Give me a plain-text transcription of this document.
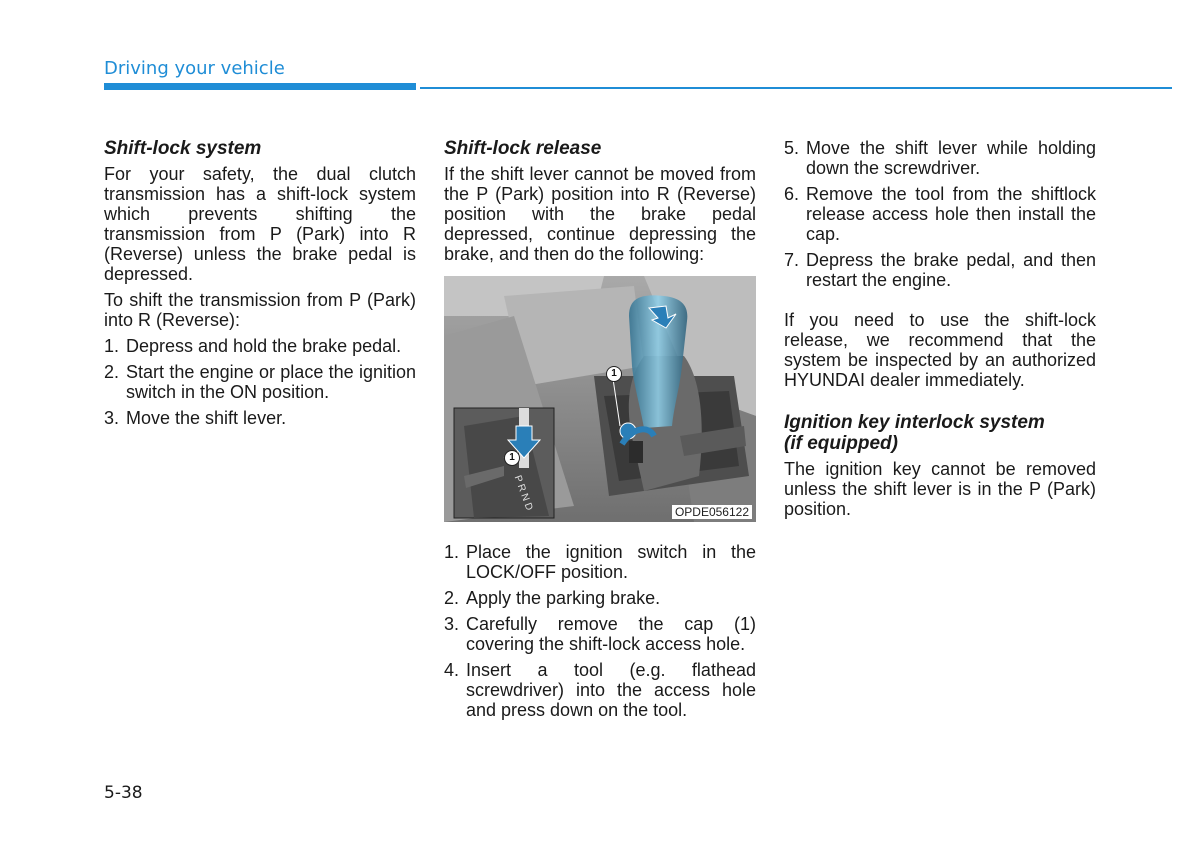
Driving your vehicle
Shift-lock system

For your safety, the dual clutch transmission has a shift-lock system which prevents shifting the transmission from P (Park) into R (Reverse) unless the brake pedal is depressed.

To shift the transmission from P (Park) into R (Reverse):

1. Depress and hold the brake pedal.
2. Start the engine or place the ignition switch in the ON position.
3. Move the shift lever.
Shift-lock release

If the shift lever cannot be moved from the P (Park) position into R (Reverse) position with the brake pedal depressed, continue depressing the brake, and then do the following:

1
1
P R N D	OPDE056122
1. Place the ignition switch in the LOCK/OFF position.
2. Apply the parking brake.
3. Carefully remove the cap (1) covering the shift-lock access hole.
4. Insert a tool (e.g. flathead screwdriver) into the access hole and press down on the tool.
5. Move the shift lever while holding down the screwdriver.
6. Remove the tool from the shiftlock release access hole then install the cap.
7. Depress the brake pedal, and then restart the engine.

If you need to use the shift-lock release, we recommend that the system be inspected by an authorized HYUNDAI dealer immediately.

Ignition key interlock system
(if equipped)

The ignition key cannot be removed unless the shift lever is in the P (Park) position.

5-38
